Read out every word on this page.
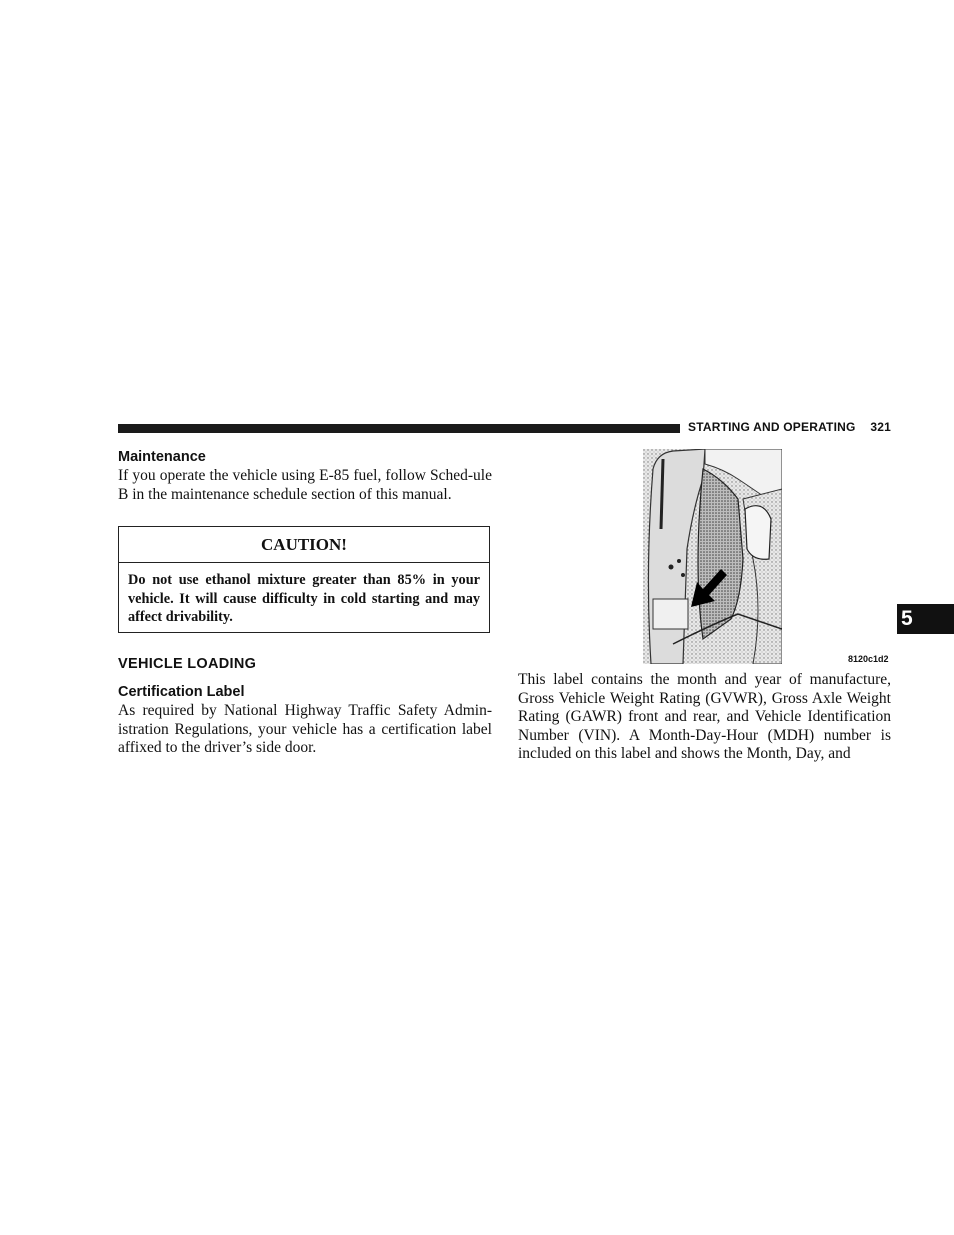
STARTING AND OPERATING 321
Maintenance
If you operate the vehicle using E-85 fuel, follow Sched-ule B in the maintenance schedule section of this manual.
CAUTION!
Do not use ethanol mixture greater than 85% in your vehicle. It will cause difficulty in cold starting and may affect drivability.
VEHICLE LOADING
Certification Label
As required by National Highway Traffic Safety Admin-istration Regulations, your vehicle has a certification label affixed to the driver’s side door.
8120c1d2
This label contains the month and year of manufacture, Gross Vehicle Weight Rating (GVWR), Gross Axle Weight Rating (GAWR) front and rear, and Vehicle Identification Number (VIN). A Month-Day-Hour (MDH) number is included on this label and shows the Month, Day, and
5
